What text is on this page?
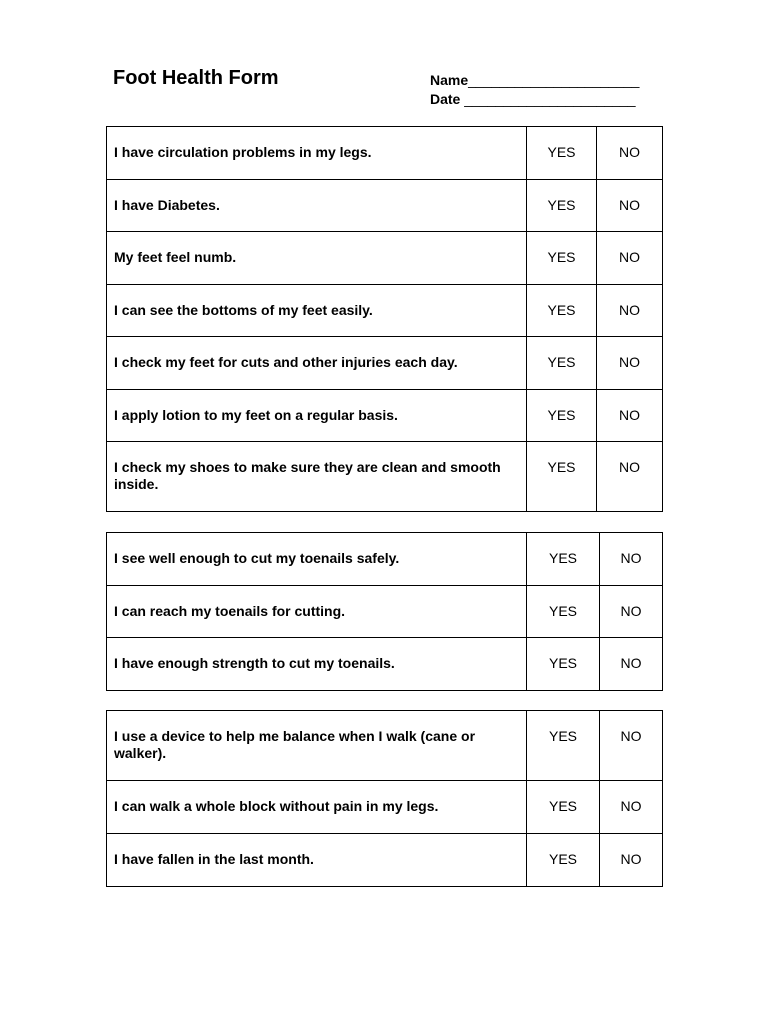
Foot Health Form	Name______________________
Date ______________________
I have circulation problems in my legs.	YES	NO
I have Diabetes.	YES	NO
My feet feel numb.	YES	NO
I can see the bottoms of my feet easily.	YES	NO
I check my feet for cuts and other injuries each day.	YES	NO
I apply lotion to my feet on a regular basis.	YES	NO
I check my shoes to make sure they are clean and smooth inside.	YES	NO
I see well enough to cut my toenails safely.	YES	NO
I can reach my toenails for cutting.	YES	NO
I have enough strength to cut my toenails.	YES	NO
I use a device to help me balance when I walk (cane or walker).	YES	NO
I can walk a whole block without pain in my legs.	YES	NO
I have fallen in the last month.	YES	NO
